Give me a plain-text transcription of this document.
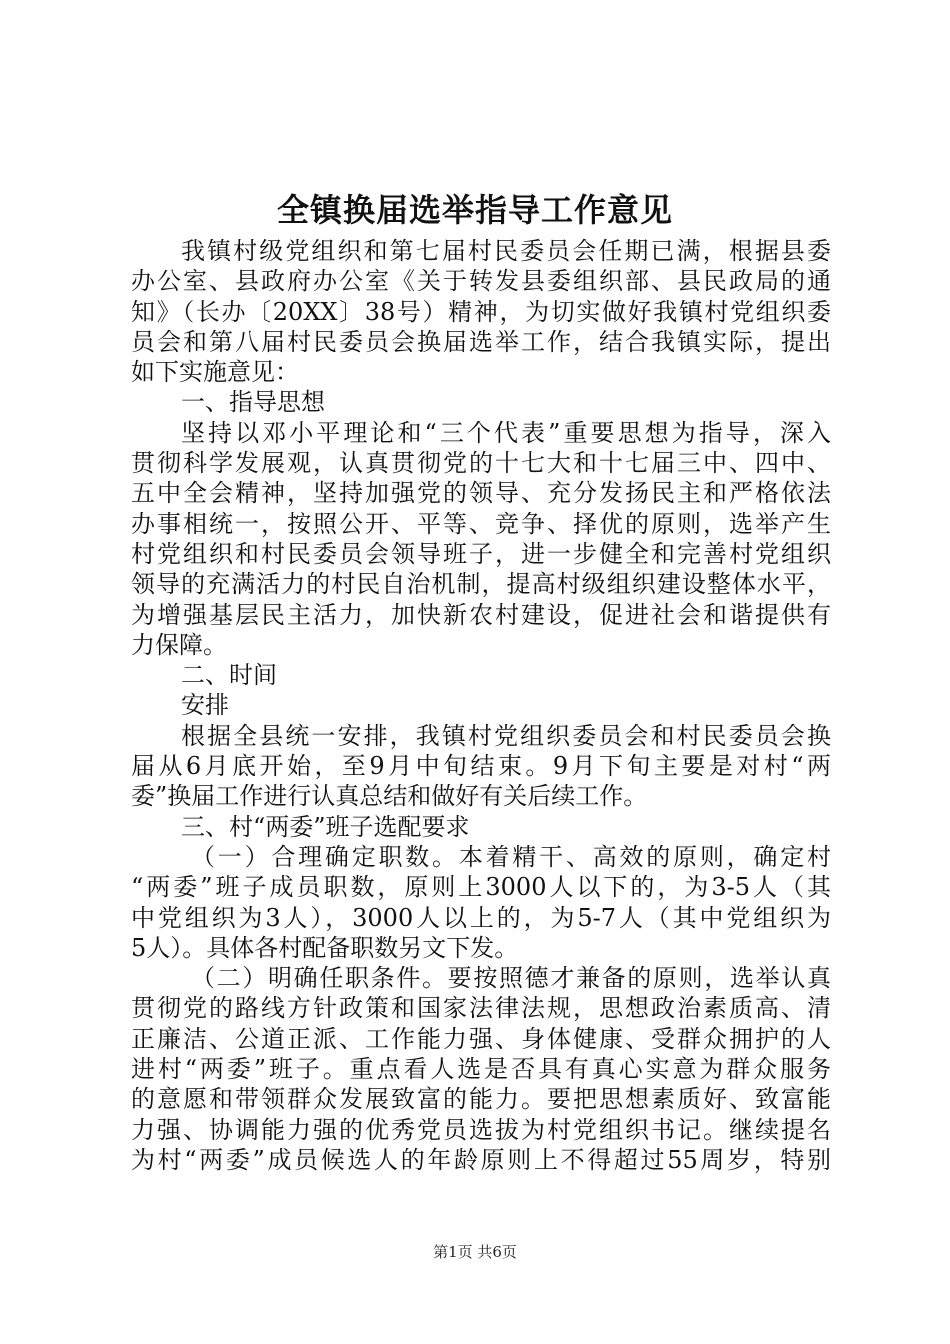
全镇换届选举指导工作意见
我镇村级党组织和第七届村民委员会任期已满，根据县委
办公室、县政府办公室《关于转发县委组织部、县民政局的通
知》（长办〔20XX〕38号）精神，为切实做好我镇村党组织委
员会和第八届村民委员会换届选举工作，结合我镇实际，提出
如下实施意见：
一、指导思想
坚持以邓小平理论和“三个代表”重要思想为指导，深入
贯彻科学发展观，认真贯彻党的十七大和十七届三中、四中、
五中全会精神，坚持加强党的领导、充分发扬民主和严格依法
办事相统一，按照公开、平等、竞争、择优的原则，选举产生
村党组织和村民委员会领导班子，进一步健全和完善村党组织
领导的充满活力的村民自治机制，提高村级组织建设整体水平，
为增强基层民主活力，加快新农村建设，促进社会和谐提供有
力保障。
二、时间
安排
根据全县统一安排，我镇村党组织委员会和村民委员会换
届从6月底开始，至9月中旬结束。9月下旬主要是对村“两
委”换届工作进行认真总结和做好有关后续工作。
三、村“两委”班子选配要求
（一）合理确定职数。本着精干、高效的原则，确定村
“两委”班子成员职数，原则上3000人以下的，为3-5人（其
中党组织为3人），3000人以上的，为5-7人（其中党组织为
5人）。具体各村配备职数另文下发。
（二）明确任职条件。要按照德才兼备的原则，选举认真
贯彻党的路线方针政策和国家法律法规，思想政治素质高、清
正廉洁、公道正派、工作能力强、身体健康、受群众拥护的人
进村“两委”班子。重点看人选是否具有真心实意为群众服务
的意愿和带领群众发展致富的能力。要把思想素质好、致富能
力强、协调能力强的优秀党员选拔为村党组织书记。继续提名
为村“两委”成员候选人的年龄原则上不得超过55周岁，特别
第1页 共6页
